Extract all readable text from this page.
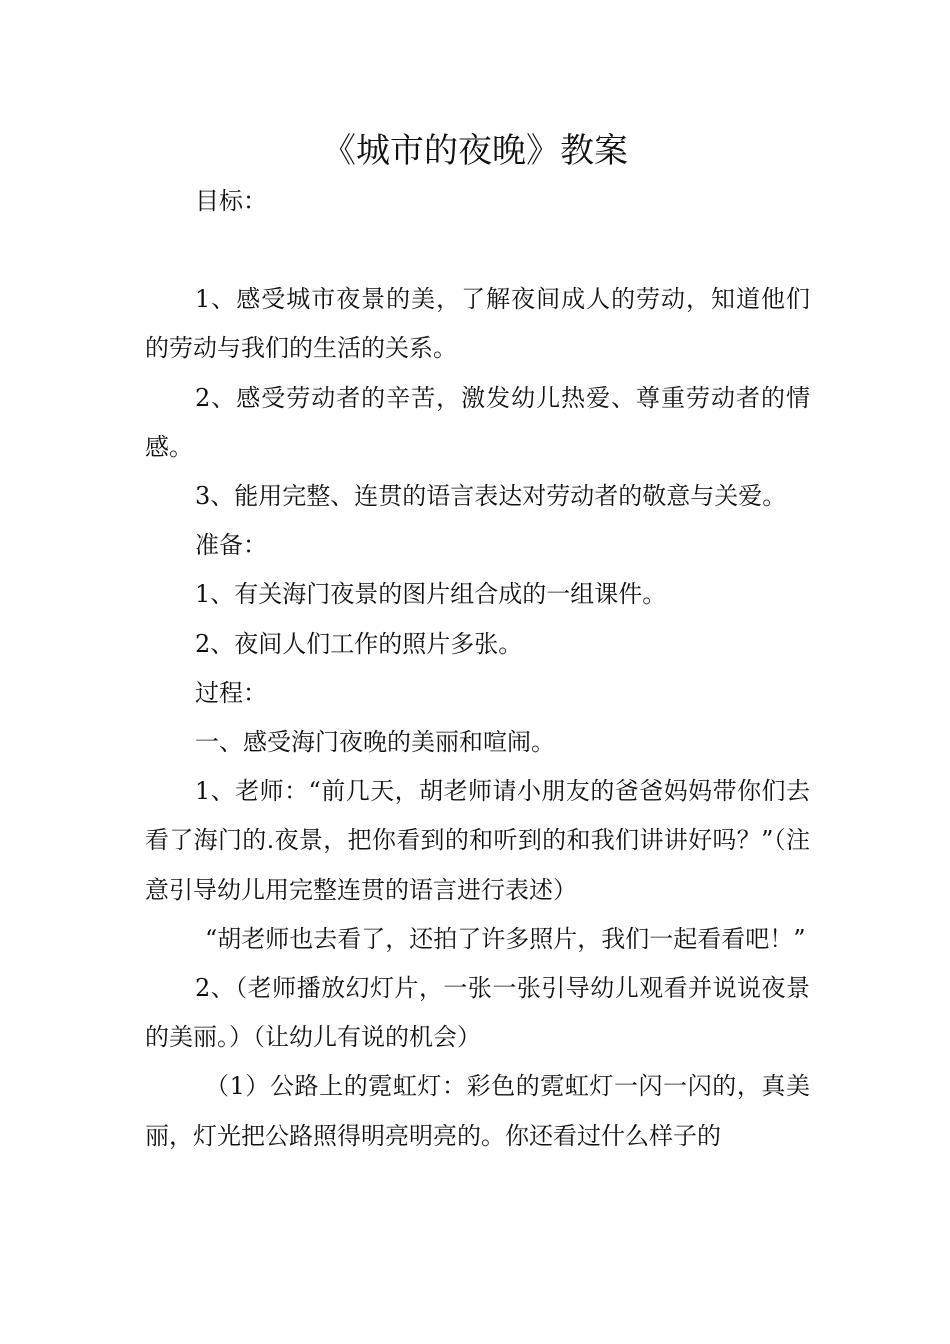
《城市的夜晚》教案

目标：

1、感受城市夜景的美，了解夜间成人的劳动，知道他们的劳动与我们的生活的关系。

2、感受劳动者的辛苦，激发幼儿热爱、尊重劳动者的情感。

3、能用完整、连贯的语言表达对劳动者的敬意与关爱。

准备：

1、有关海门夜景的图片组合成的一组课件。

2、夜间人们工作的照片多张。

过程：

一、感受海门夜晚的美丽和喧闹。

1、老师：“前几天，胡老师请小朋友的爸爸妈妈带你们去看了海门的.夜景，把你看到的和听到的和我们讲讲好吗？”（注意引导幼儿用完整连贯的语言进行表述）

“胡老师也去看了，还拍了许多照片，我们一起看看吧！”

2、（老师播放幻灯片，一张一张引导幼儿观看并说说夜景的美丽。）（让幼儿有说的机会）

（1）公路上的霓虹灯：彩色的霓虹灯一闪一闪的，真美丽，灯光把公路照得明亮明亮的。你还看过什么样子的
